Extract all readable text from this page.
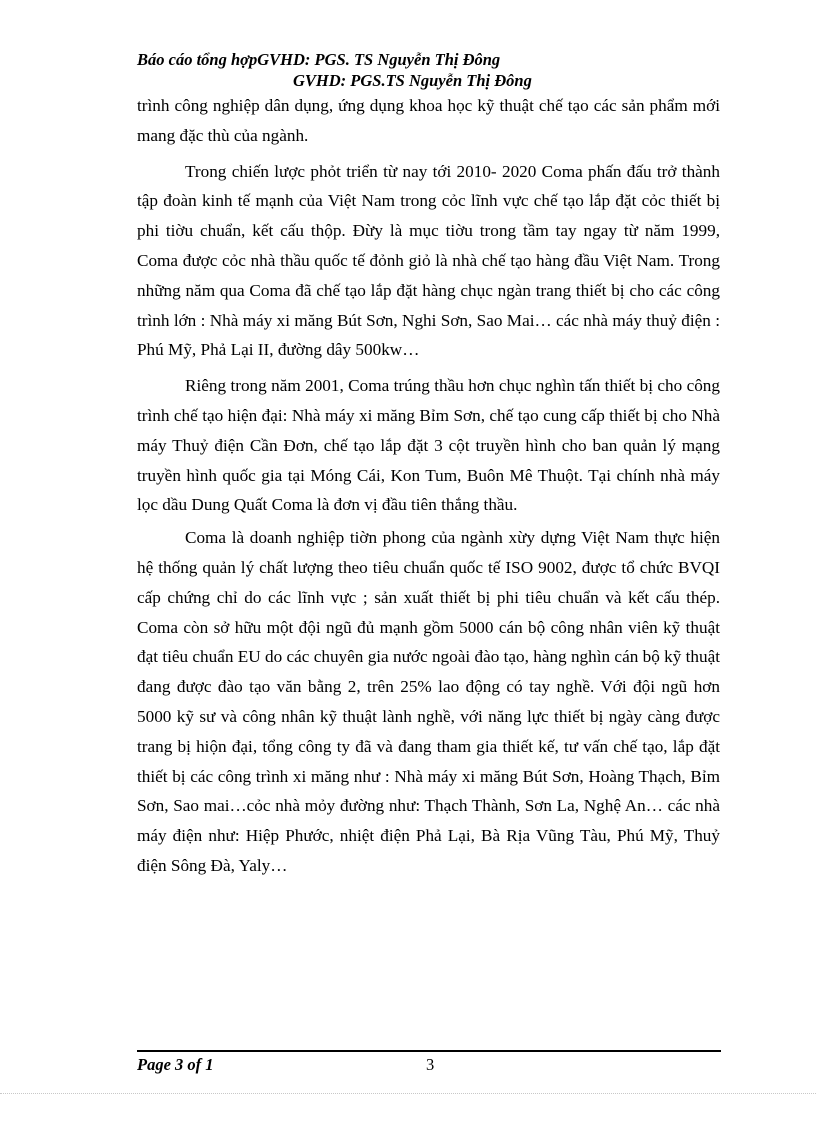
Báo cáo tổng hợpGVHD: PGS. TS Nguyễn Thị Đông
GVHD: PGS.TS Nguyễn Thị Đông

trình công nghiệp dân dụng, ứng dụng khoa học kỹ thuật chế tạo các sản phẩm mới mang đặc thù của ngành.

Trong chiến lược phỏt triển từ nay tới 2010- 2020 Coma phấn đấu trở thành tập đoàn kinh tế mạnh của Việt Nam trong cỏc lĩnh vực chế tạo lắp đặt cỏc thiết bị phi tiờu chuẩn, kết cấu thộp. Đừy là mục tiờu trong tầm tay ngay từ năm 1999, Coma được cỏc nhà thầu quốc tế đỏnh giỏ là nhà chế tạo hàng đầu Việt Nam. Trong những năm qua Coma đã chế tạo lắp đặt hàng chục ngàn trang thiết bị cho các công trình lớn : Nhà máy xi măng Bút Sơn, Nghi Sơn, Sao Mai… các nhà máy thuỷ điện : Phú Mỹ, Phả Lại II, đường dây 500kw…

Riêng trong năm 2001, Coma trúng thầu hơn chục nghìn tấn thiết bị cho công trình chế tạo hiện đại: Nhà máy xi măng Bỉm Sơn, chế tạo cung cấp thiết bị cho Nhà máy Thuỷ điện Cần Đơn, chế tạo lắp đặt 3 cột truyền hình cho ban quản lý mạng truyền hình quốc gia tại Móng Cái, Kon Tum, Buôn Mê Thuột. Tại chính nhà máy lọc dầu Dung Quất Coma là đơn vị đầu tiên thắng thầu.

Coma là doanh nghiệp tiờn phong của ngành xừy dựng Việt Nam thực hiện hệ thống quản lý chất lượng theo tiêu chuẩn quốc tế ISO 9002, được tổ chức BVQI cấp chứng chỉ do các lĩnh vực ; sản xuất thiết bị phi tiêu chuẩn và kết cấu thép. Coma còn sở hữu một đội ngũ đủ mạnh gồm 5000 cán bộ công nhân viên kỹ thuật đạt tiêu chuẩn EU do các chuyên gia nước ngoài đào tạo, hàng nghìn cán bộ kỹ thuật đang được đào tạo văn bằng 2, trên 25% lao động có tay nghề. Với đội ngũ hơn 5000 kỹ sư và công nhân kỹ thuật lành nghề, với năng lực thiết bị ngày càng được trang bị hiộn đại, tổng công ty đã và đang tham gia thiết kế, tư vấn chế tạo, lắp đặt thiết bị các công trình xi măng như : Nhà máy xi măng Bút Sơn, Hoàng Thạch, Bỉm Sơn, Sao mai…cỏc nhà mỏy đường như: Thạch Thành, Sơn La, Nghệ An… các nhà máy điện như: Hiệp Phước, nhiệt điện Phả Lại, Bà Rịa Vũng Tàu, Phú Mỹ, Thuỷ điện Sông Đà, Yaly…

Page 3 of 1	3
